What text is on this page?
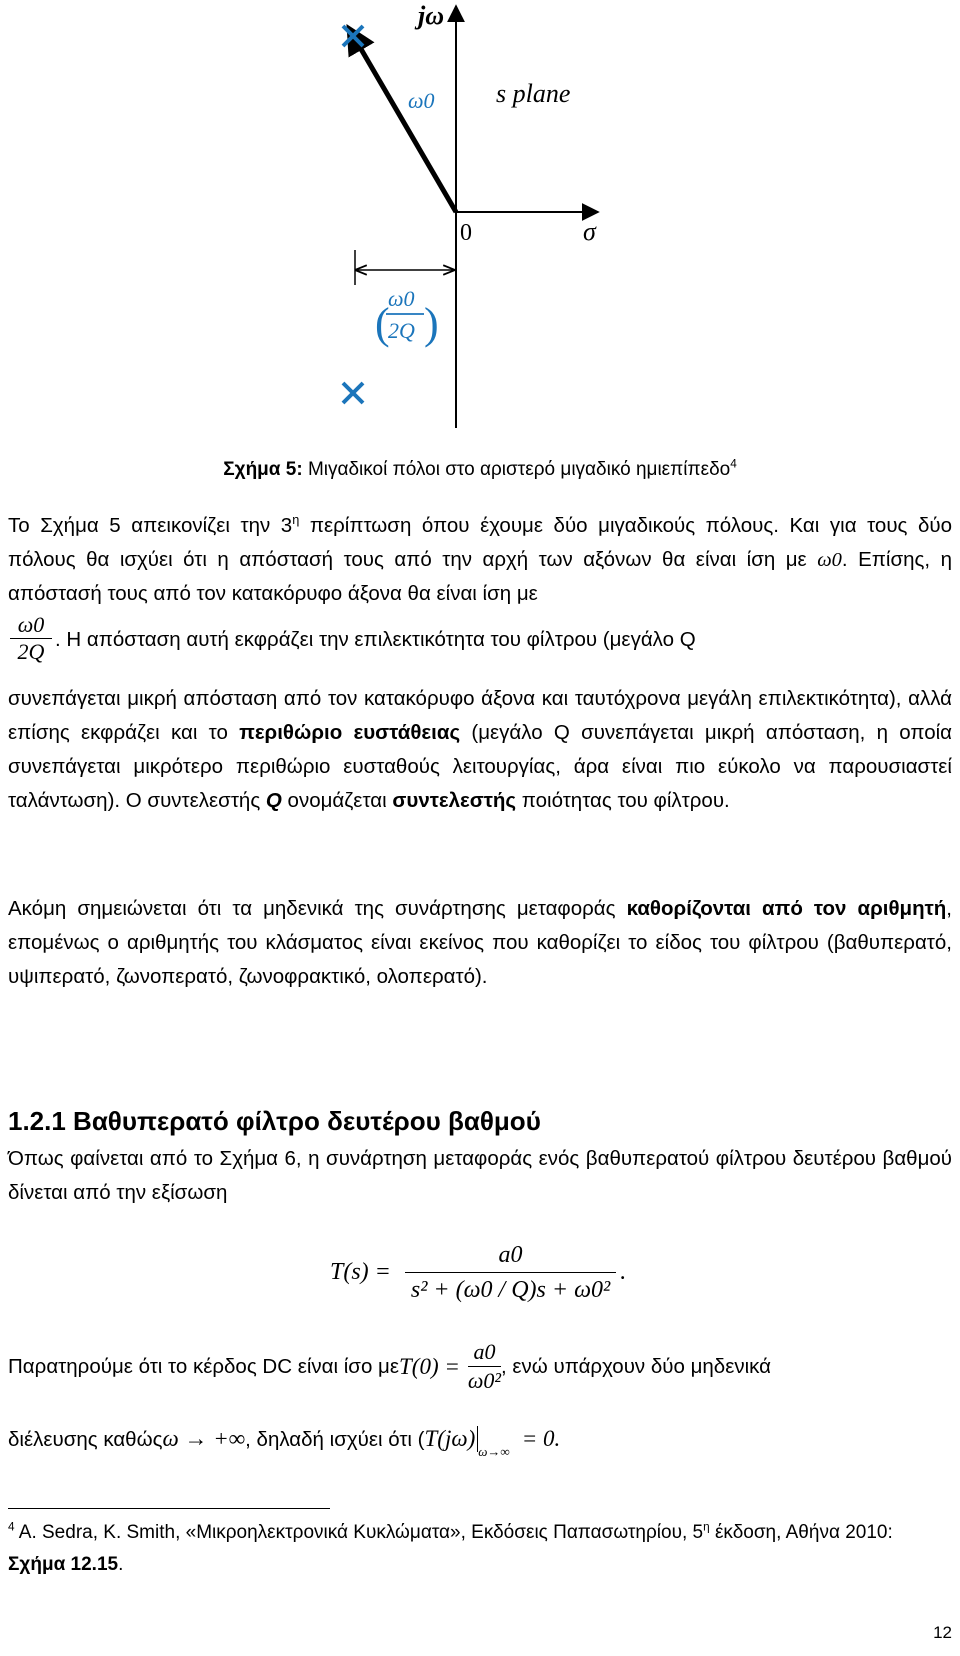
jω
s plane
0	σ
ω0
( )
ω0
2Q
Σχήμα 5: Μιγαδικοί πόλοι στο αριστερό μιγαδικό ημιεπίπεδο$^4$
Το Σχήμα 5 απεικονίζει την $3^\eta$ περίπτωση όπου έχουμε δύο μιγαδικούς πόλους. Και για τους δύο πόλους θα ισχύει ότι η απόστασή τους από την αρχή των αξόνων θα είναι ίση με ω0. Επίσης, η απόστασή τους από τον κατακόρυφο άξονα θα είναι ίση με
ω0
2Q . Η απόσταση αυτή εκφράζει την επιλεκτικότητα του φίλτρου (μεγάλο Q
συνεπάγεται μικρή απόσταση από τον κατακόρυφο άξονα και ταυτόχρονα μεγάλη επιλεκτικότητα), αλλά επίσης εκφράζει και το περιθώριο ευστάθειας (μεγάλο Q συνεπάγεται μικρή απόσταση, η οποία συνεπάγεται μικρότερο περιθώριο ευσταθούς λειτουργίας, άρα είναι πιο εύκολο να παρουσιαστεί ταλάντωση). Ο συντελεστής Q ονομάζεται συντελεστής ποιότητας του φίλτρου.
Ακόμη σημειώνεται ότι τα μηδενικά της συνάρτησης μεταφοράς καθορίζονται από τον αριθμητή, επομένως ο αριθμητής του κλάσματος είναι εκείνος που καθορίζει το είδος του φίλτρου (βαθυπερατό, υψιπερατό, ζωνοπερατό, ζωνοφρακτικό, ολοπερατό).
1.2.1 Βαθυπερατό φίλτρο δευτέρου βαθμού
Όπως φαίνεται από το Σχήμα 6, η συνάρτηση μεταφοράς ενός βαθυπερατού φίλτρου δευτέρου βαθμού δίνεται από την εξίσωση
T(s) =
a0
s² + (ω0 / Q)s + ω0²
.
Παρατηρούμε ότι το κέρδος DC είναι ίσο με T(0) =
a0
ω0²
, ενώ υπάρχουν δύο μηδενικά
διέλευσης καθώς ω → +∞ , δηλαδή ισχύει ότι ( T(jω)
ω→∞
= 0.
$^4$ A. Sedra, K. Smith, «Μικροηλεκτρονικά Κυκλώματα», Εκδόσεις Παπασωτηρίου, $5^\eta$ έκδοση, Αθήνα 2010: Σχήμα 12.15.
12
